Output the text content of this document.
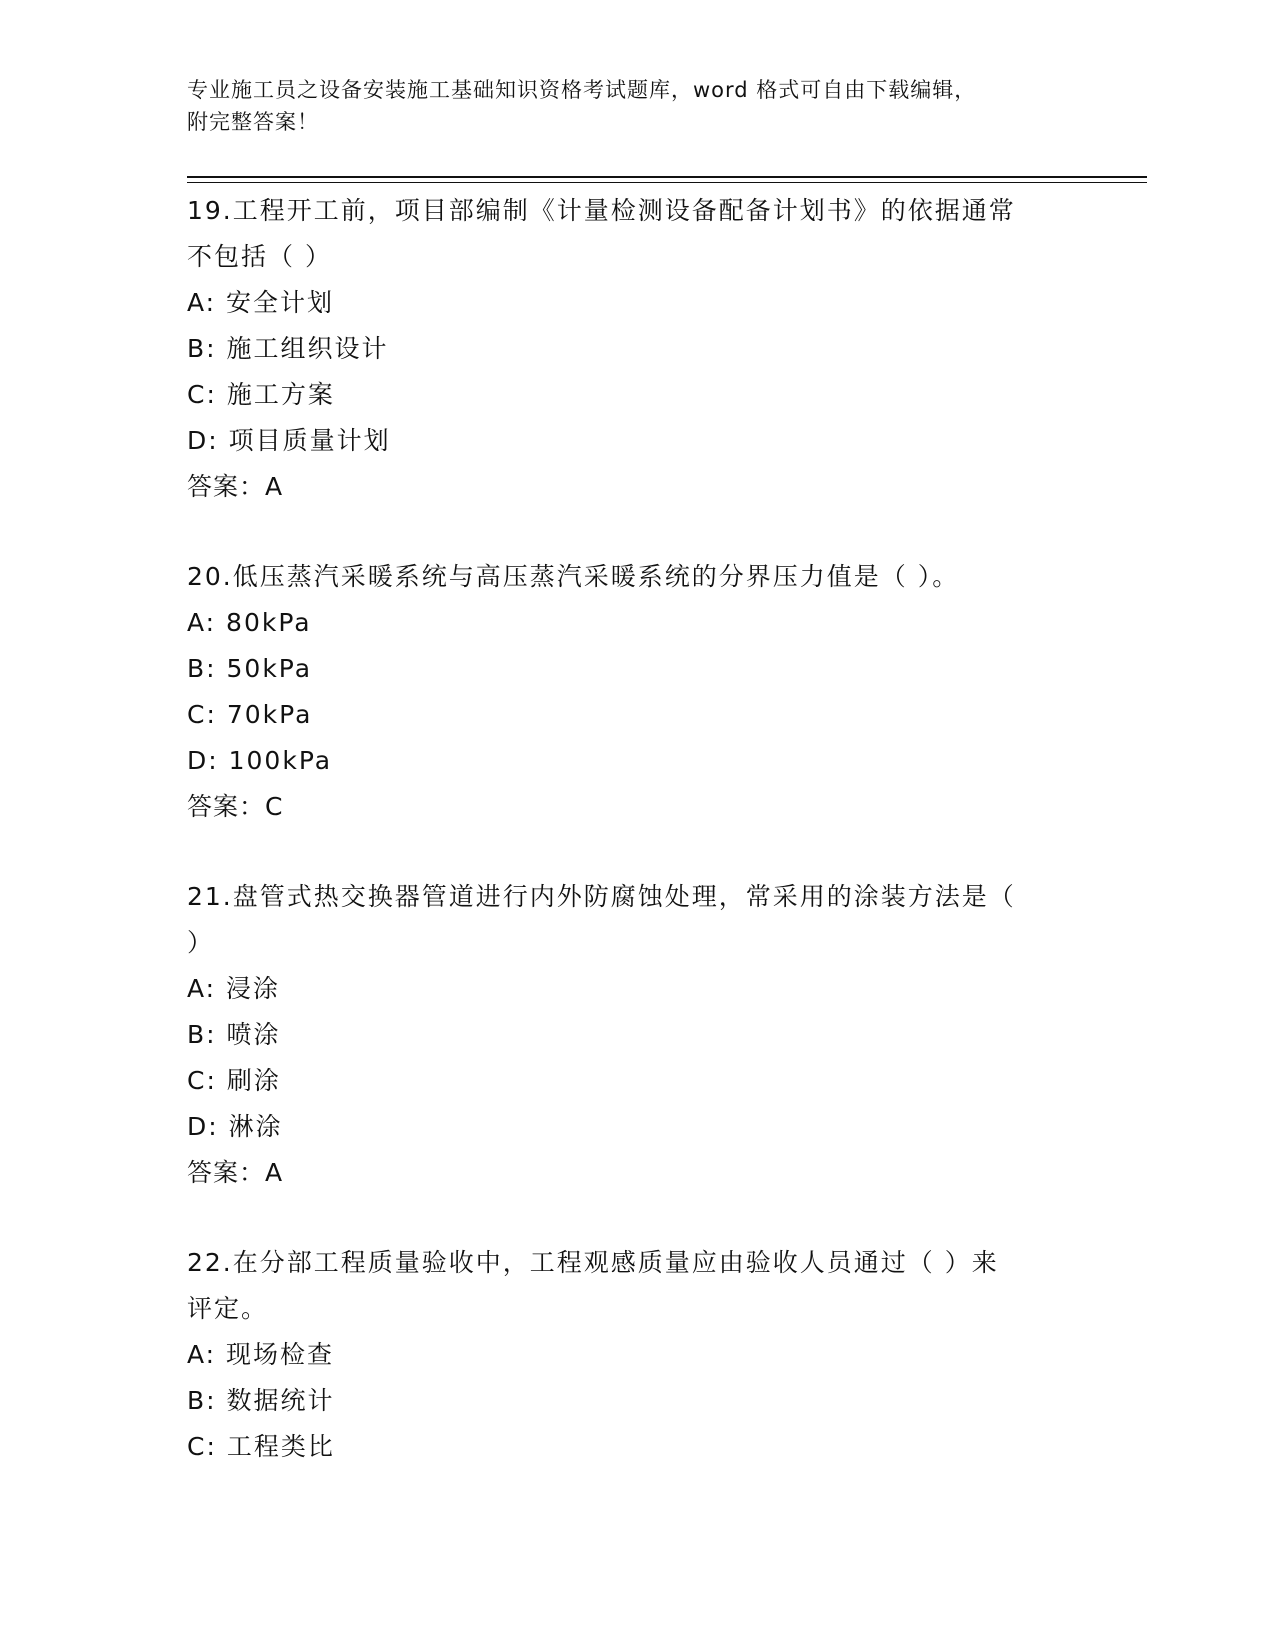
专业施工员之设备安装施工基础知识资格考试题库，word 格式可自由下载编辑，
附完整答案！
19.工程开工前，项目部编制《计量检测设备配备计划书》的依据通常
不包括（ ）
A: 安全计划
B: 施工组织设计
C: 施工方案
D: 项目质量计划
答案：A
20.低压蒸汽采暖系统与高压蒸汽采暖系统的分界压力值是（ ）。
A: 80kPa
B: 50kPa
C: 70kPa
D: 100kPa
答案：C
21.盘管式热交换器管道进行内外防腐蚀处理，常采用的涂装方法是（
）
A: 浸涂
B: 喷涂
C: 刷涂
D: 淋涂
答案：A
22.在分部工程质量验收中，工程观感质量应由验收人员通过（ ）来
评定。
A: 现场检查
B: 数据统计
C: 工程类比
